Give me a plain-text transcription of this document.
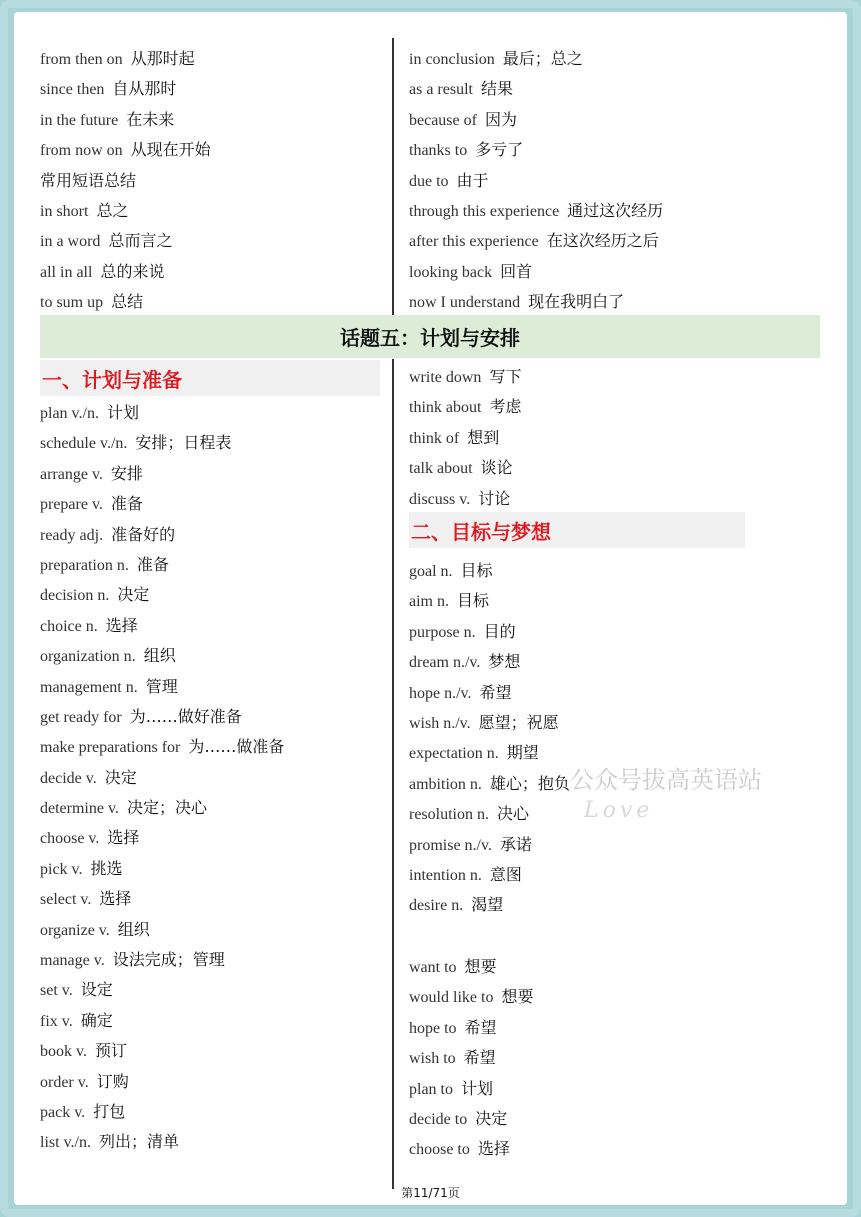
from then on 从那时起
since then 自从那时
in the future 在未来
from now on 从现在开始
常用短语总结
in short 总之
in a word 总而言之
all in all 总的来说
to sum up 总结
in conclusion 最后；总之
as a result 结果
because of 因为
thanks to 多亏了
due to 由于
through this experience 通过这次经历
after this experience 在这次经历之后
looking back 回首
now I understand 现在我明白了
话题五：计划与安排
一、计划与准备
plan v./n. 计划
schedule v./n. 安排；日程表
arrange v. 安排
prepare v. 准备
ready adj. 准备好的
preparation n. 准备
decision n. 决定
choice n. 选择
organization n. 组织
management n. 管理
get ready for 为……做好准备
make preparations for 为……做准备
decide v. 决定
determine v. 决定；决心
choose v. 选择
pick v. 挑选
select v. 选择
organize v. 组织
manage v. 设法完成；管理
set v. 设定
fix v. 确定
book v. 预订
order v. 订购
pack v. 打包
list v./n. 列出；清单
write down 写下
think about 考虑
think of 想到
talk about 谈论
discuss v. 讨论
二、目标与梦想
goal n. 目标
aim n. 目标
purpose n. 目的
dream n./v. 梦想
hope n./v. 希望
wish n./v. 愿望；祝愿
expectation n. 期望
ambition n. 雄心；抱负
resolution n. 决心
promise n./v. 承诺
intention n. 意图
desire n. 渴望
want to 想要
would like to 想要
hope to 希望
wish to 希望
plan to 计划
decide to 决定
choose to 选择
公众号拔高英语站
Love
第11/71页
